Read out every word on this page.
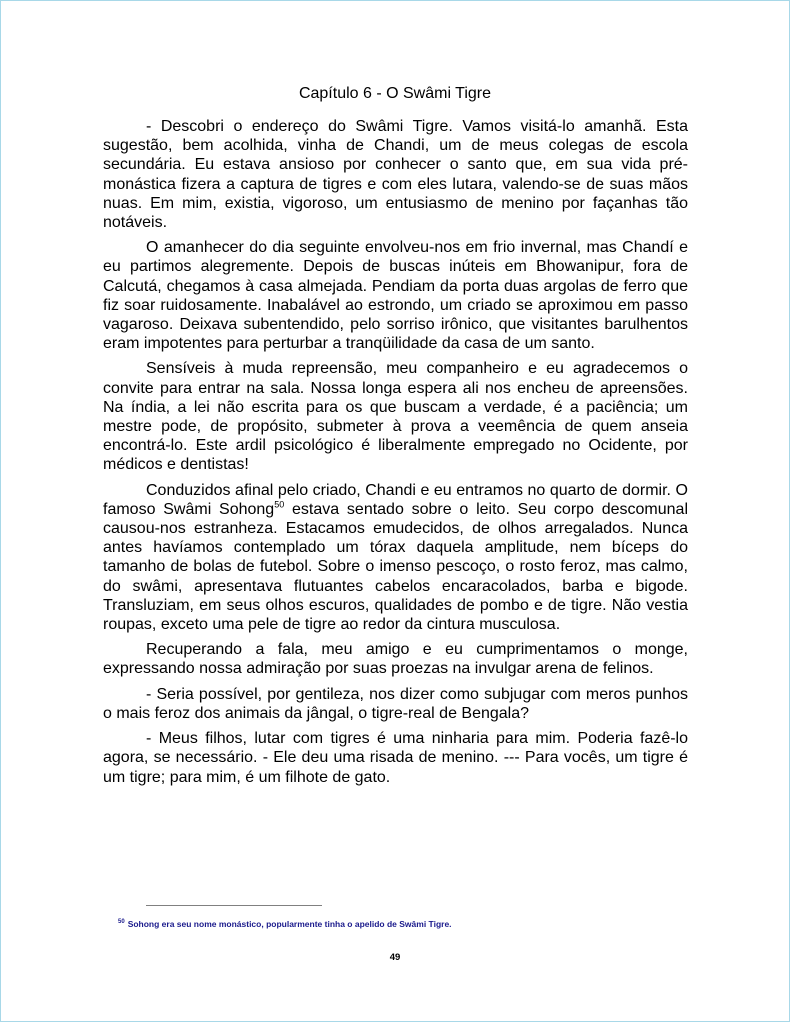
Capítulo 6 - O Swâmi Tigre

- Descobri o endereço do Swâmi Tigre. Vamos visitá-lo amanhã. Esta sugestão, bem acolhida, vinha de Chandi, um de meus colegas de escola secundária. Eu estava ansioso por conhecer o santo que, em sua vida pré-monástica fizera a captura de tigres e com eles lutara, valendo-se de suas mãos nuas. Em mim, existia, vigoroso, um entusiasmo de menino por façanhas tão notáveis.

O amanhecer do dia seguinte envolveu-nos em frio invernal, mas Chandí e eu partimos alegremente. Depois de buscas inúteis em Bhowanipur, fora de Calcutá, chegamos à casa almejada. Pendiam da porta duas argolas de ferro que fiz soar ruidosamente. Inabalável ao estrondo, um criado se aproximou em passo vagaroso. Deixava subentendido, pelo sorriso irônico, que visitantes barulhentos eram impotentes para perturbar a tranqüilidade da casa de um santo.

Sensíveis à muda repreensão, meu companheiro e eu agradecemos o convite para entrar na sala. Nossa longa espera ali nos encheu de apreensões. Na índia, a lei não escrita para os que buscam a verdade, é a paciência; um mestre pode, de propósito, submeter à prova a veemência de quem anseia encontrá-lo. Este ardil psicológico é liberalmente empregado no Ocidente, por médicos e dentistas!

Conduzidos afinal pelo criado, Chandi e eu entramos no quarto de dormir. O famoso Swâmi Sohong$^{50}$ estava sentado sobre o leito. Seu corpo descomunal causou-nos estranheza. Estacamos emudecidos, de olhos arregalados. Nunca antes havíamos contemplado um tórax daquela amplitude, nem bíceps do tamanho de bolas de futebol. Sobre o imenso pescoço, o rosto feroz, mas calmo, do swâmi, apresentava flutuantes cabelos encaracolados, barba e bigode. Transluziam, em seus olhos escuros, qualidades de pombo e de tigre. Não vestia roupas, exceto uma pele de tigre ao redor da cintura musculosa.

Recuperando a fala, meu amigo e eu cumprimentamos o monge, expressando nossa admiração por suas proezas na invulgar arena de felinos.

- Seria possível, por gentileza, nos dizer como subjugar com meros punhos o mais feroz dos animais da jângal, o tigre-real de Bengala?

- Meus filhos, lutar com tigres é uma ninharia para mim. Poderia fazê-lo agora, se necessário. - Ele deu uma risada de menino. --- Para vocês, um tigre é um tigre; para mim, é um filhote de gato.

$^{50}$ Sohong era seu nome monástico, popularmente tinha o apelido de Swâmi Tigre.
49
